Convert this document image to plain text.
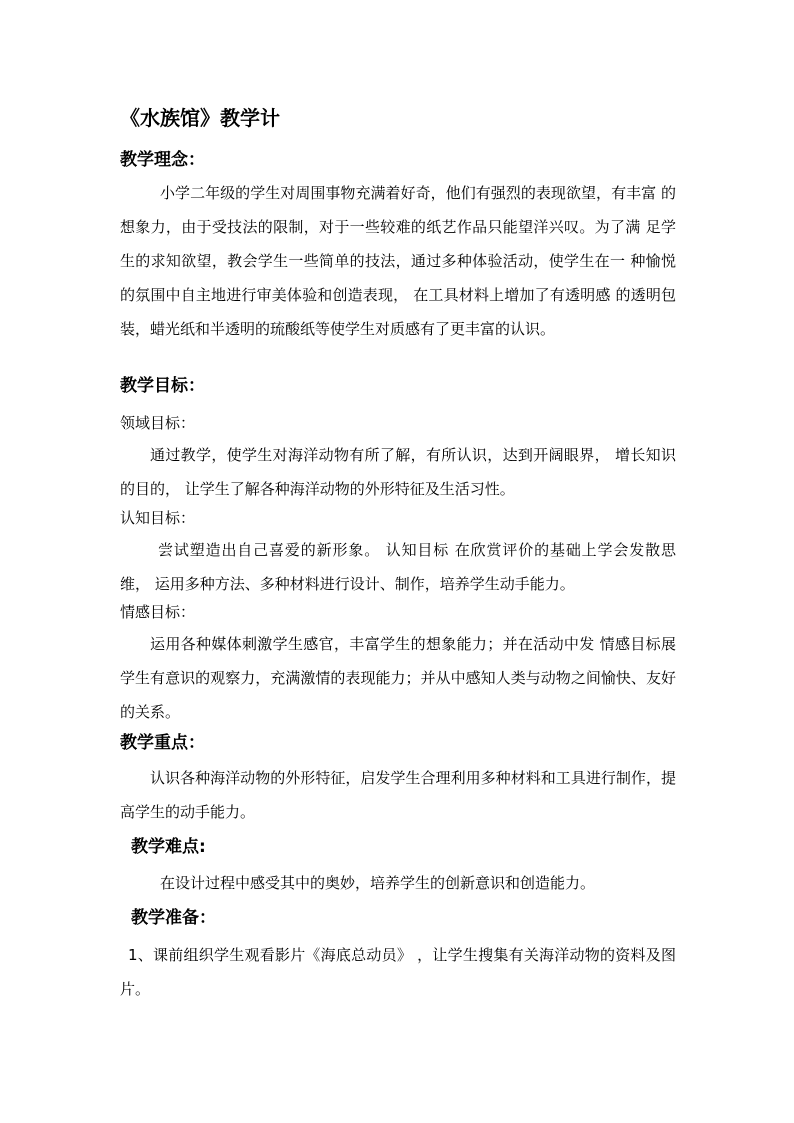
《水族馆》教学计
教学理念：
小学二年级的学生对周围事物充满着好奇，他们有强烈的表现欲望，有丰富 的想象力，由于受技法的限制，对于一些较难的纸艺作品只能望洋兴叹。为了满 足学生的求知欲望，教会学生一些简单的技法，通过多种体验活动，使学生在一 种愉悦的氛围中自主地进行审美体验和创造表现， 在工具材料上增加了有透明感 的透明包装，蜡光纸和半透明的琉酸纸等使学生对质感有了更丰富的认识。
教学目标：
领域目标：
通过教学，使学生对海洋动物有所了解，有所认识，达到开阔眼界， 增长知识的目的， 让学生了解各种海洋动物的外形特征及生活习性。
认知目标：
尝试塑造出自己喜爱的新形象。 认知目标 在欣赏评价的基础上学会发散思维， 运用多种方法、多种材料进行设计、制作，培养学生动手能力。
情感目标：
运用各种媒体刺激学生感官，丰富学生的想象能力；并在活动中发 情感目标展学生有意识的观察力，充满激情的表现能力；并从中感知人类与动物之间愉快、友好的关系。
教学重点：
认识各种海洋动物的外形特征，启发学生合理利用多种材料和工具进行制作，提高学生的动手能力。
教学难点:
在设计过程中感受其中的奥妙，培养学生的创新意识和创造能力。
教学准备：
1、课前组织学生观看影片《海底总动员》 ，让学生搜集有关海洋动物的资料及图片。
